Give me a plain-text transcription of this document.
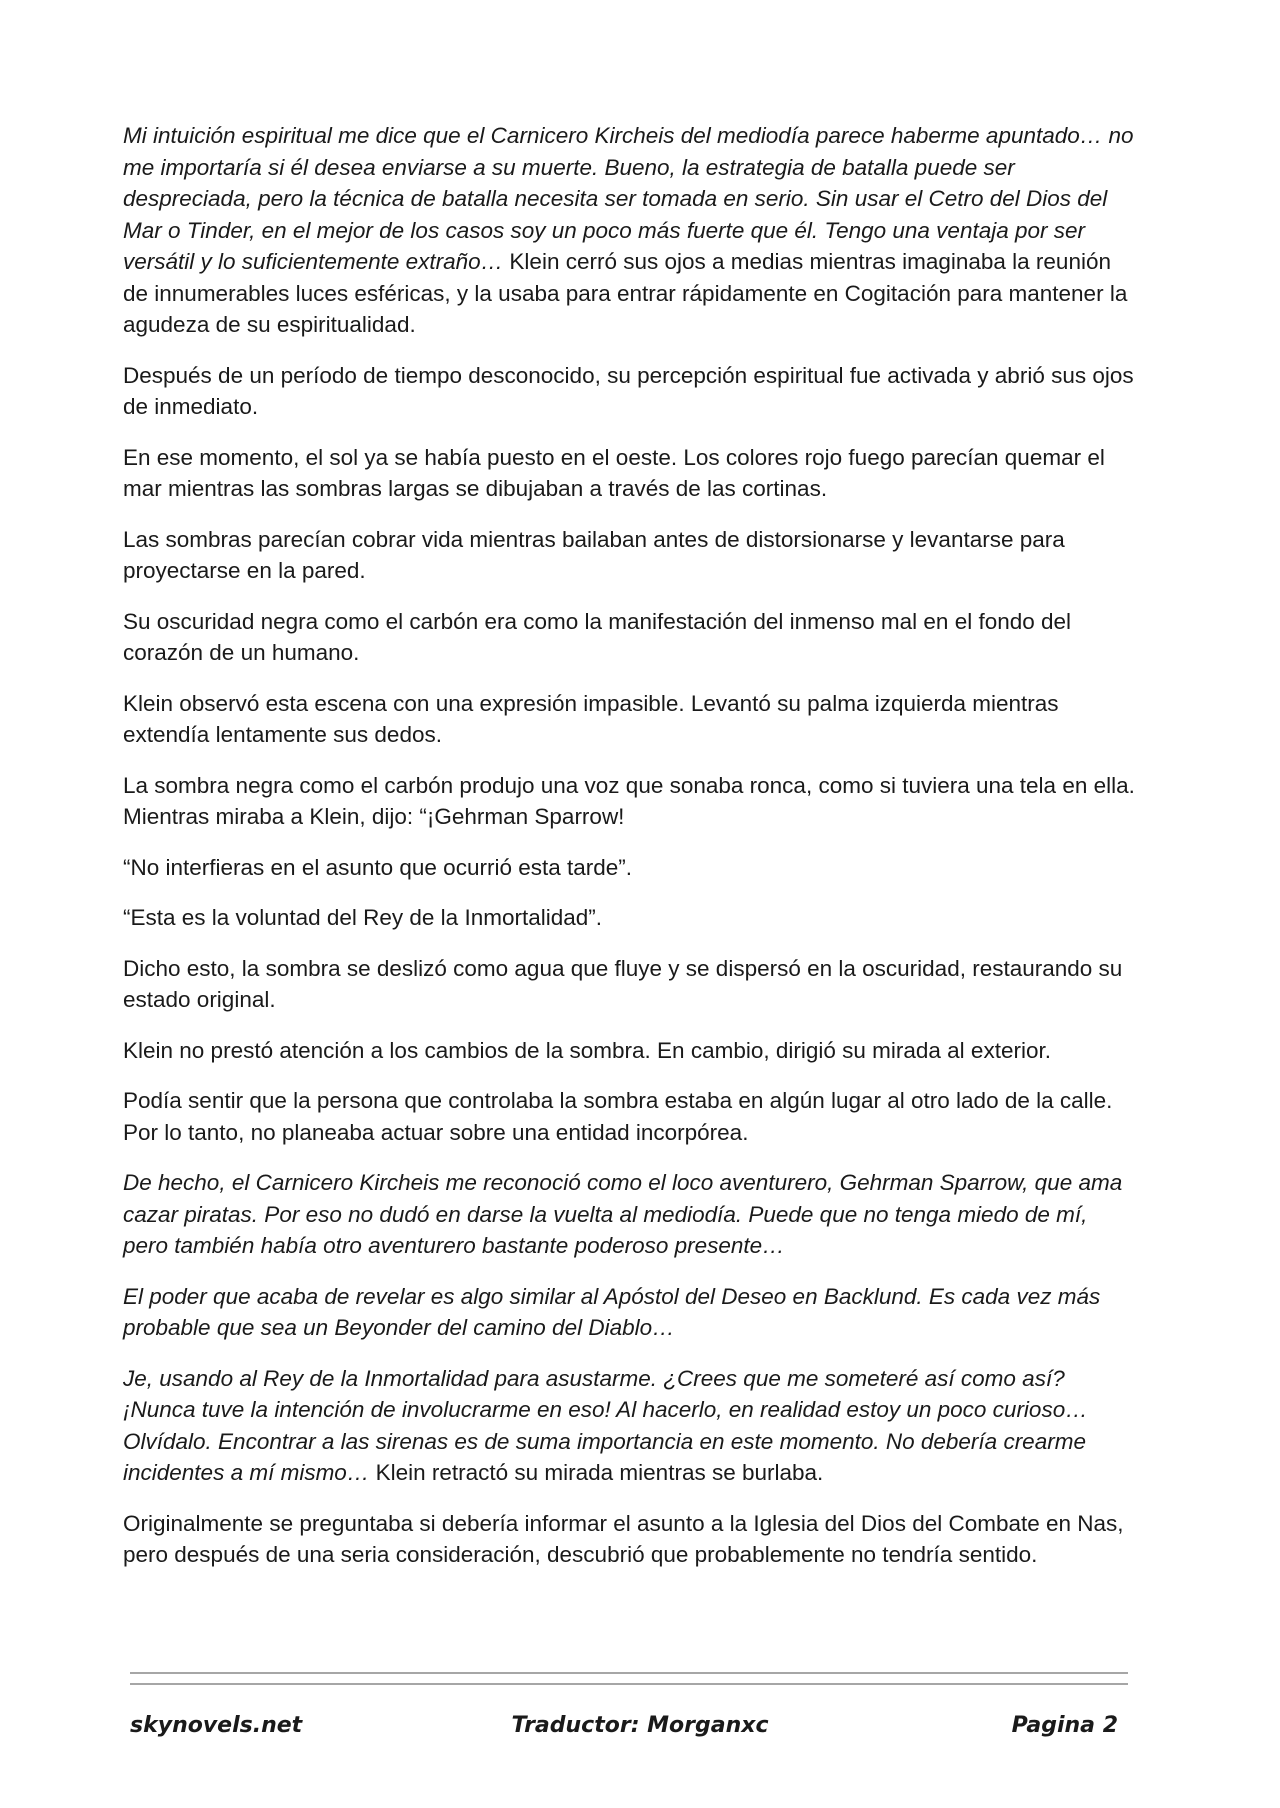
Mi intuición espiritual me dice que el Carnicero Kircheis del mediodía parece haberme apuntado… no me importaría si él desea enviarse a su muerte. Bueno, la estrategia de batalla puede ser despreciada, pero la técnica de batalla necesita ser tomada en serio. Sin usar el Cetro del Dios del Mar o Tinder, en el mejor de los casos soy un poco más fuerte que él. Tengo una ventaja por ser versátil y lo suficientemente extraño… Klein cerró sus ojos a medias mientras imaginaba la reunión de innumerables luces esféricas, y la usaba para entrar rápidamente en Cogitación para mantener la agudeza de su espiritualidad.

Después de un período de tiempo desconocido, su percepción espiritual fue activada y abrió sus ojos de inmediato.

En ese momento, el sol ya se había puesto en el oeste. Los colores rojo fuego parecían quemar el mar mientras las sombras largas se dibujaban a través de las cortinas.

Las sombras parecían cobrar vida mientras bailaban antes de distorsionarse y levantarse para proyectarse en la pared.

Su oscuridad negra como el carbón era como la manifestación del inmenso mal en el fondo del corazón de un humano.

Klein observó esta escena con una expresión impasible. Levantó su palma izquierda mientras extendía lentamente sus dedos.

La sombra negra como el carbón produjo una voz que sonaba ronca, como si tuviera una tela en ella. Mientras miraba a Klein, dijo: “¡Gehrman Sparrow!

“No interfieras en el asunto que ocurrió esta tarde”.

“Esta es la voluntad del Rey de la Inmortalidad”.

Dicho esto, la sombra se deslizó como agua que fluye y se dispersó en la oscuridad, restaurando su estado original.

Klein no prestó atención a los cambios de la sombra. En cambio, dirigió su mirada al exterior.

Podía sentir que la persona que controlaba la sombra estaba en algún lugar al otro lado de la calle. Por lo tanto, no planeaba actuar sobre una entidad incorpórea.

De hecho, el Carnicero Kircheis me reconoció como el loco aventurero, Gehrman Sparrow, que ama cazar piratas. Por eso no dudó en darse la vuelta al mediodía. Puede que no tenga miedo de mí, pero también había otro aventurero bastante poderoso presente…

El poder que acaba de revelar es algo similar al Apóstol del Deseo en Backlund. Es cada vez más probable que sea un Beyonder del camino del Diablo…

Je, usando al Rey de la Inmortalidad para asustarme. ¿Crees que me someteré así como así? ¡Nunca tuve la intención de involucrarme en eso! Al hacerlo, en realidad estoy un poco curioso… Olvídalo. Encontrar a las sirenas es de suma importancia en este momento. No debería crearme incidentes a mí mismo… Klein retractó su mirada mientras se burlaba.

Originalmente se preguntaba si debería informar el asunto a la Iglesia del Dios del Combate en Nas, pero después de una seria consideración, descubrió que probablemente no tendría sentido.

skynovels.net	Traductor: Morganxc	Pagina 2
